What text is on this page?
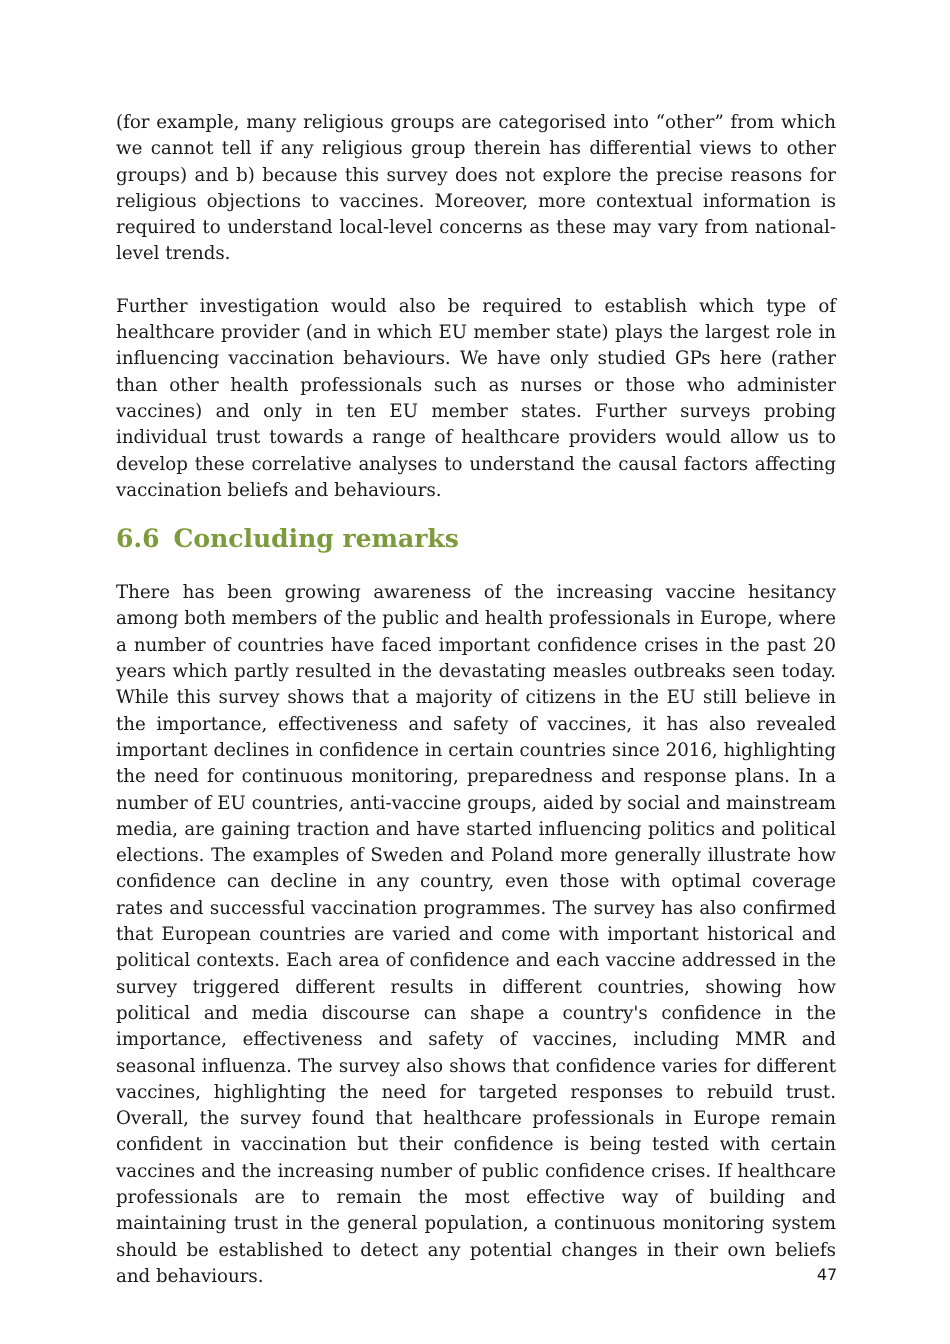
(for example, many religious groups are categorised into “other” from which we cannot tell if any religious group therein has differential views to other groups) and b) because this survey does not explore the precise reasons for religious objections to vaccines. Moreover, more contextual information is required to understand local-level concerns as these may vary from national-level trends.

Further investigation would also be required to establish which type of healthcare provider (and in which EU member state) plays the largest role in influencing vaccination behaviours. We have only studied GPs here (rather than other health professionals such as nurses or those who administer vaccines) and only in ten EU member states. Further surveys probing individual trust towards a range of healthcare providers would allow us to develop these correlative analyses to understand the causal factors affecting vaccination beliefs and behaviours.

6.6 Concluding remarks

There has been growing awareness of the increasing vaccine hesitancy among both members of the public and health professionals in Europe, where a number of countries have faced important confidence crises in the past 20 years which partly resulted in the devastating measles outbreaks seen today. While this survey shows that a majority of citizens in the EU still believe in the importance, effectiveness and safety of vaccines, it has also revealed important declines in confidence in certain countries since 2016, highlighting the need for continuous monitoring, preparedness and response plans. In a number of EU countries, anti-vaccine groups, aided by social and mainstream media, are gaining traction and have started influencing politics and political elections. The examples of Sweden and Poland more generally illustrate how confidence can decline in any country, even those with optimal coverage rates and successful vaccination programmes. The survey has also confirmed that European countries are varied and come with important historical and political contexts. Each area of confidence and each vaccine addressed in the survey triggered different results in different countries, showing how political and media discourse can shape a country's confidence in the importance, effectiveness and safety of vaccines, including MMR and seasonal influenza. The survey also shows that confidence varies for different vaccines, highlighting the need for targeted responses to rebuild trust. Overall, the survey found that healthcare professionals in Europe remain confident in vaccination but their confidence is being tested with certain vaccines and the increasing number of public confidence crises. If healthcare professionals are to remain the most effective way of building and maintaining trust in the general population, a continuous monitoring system should be established to detect any potential changes in their own beliefs and behaviours.	47
